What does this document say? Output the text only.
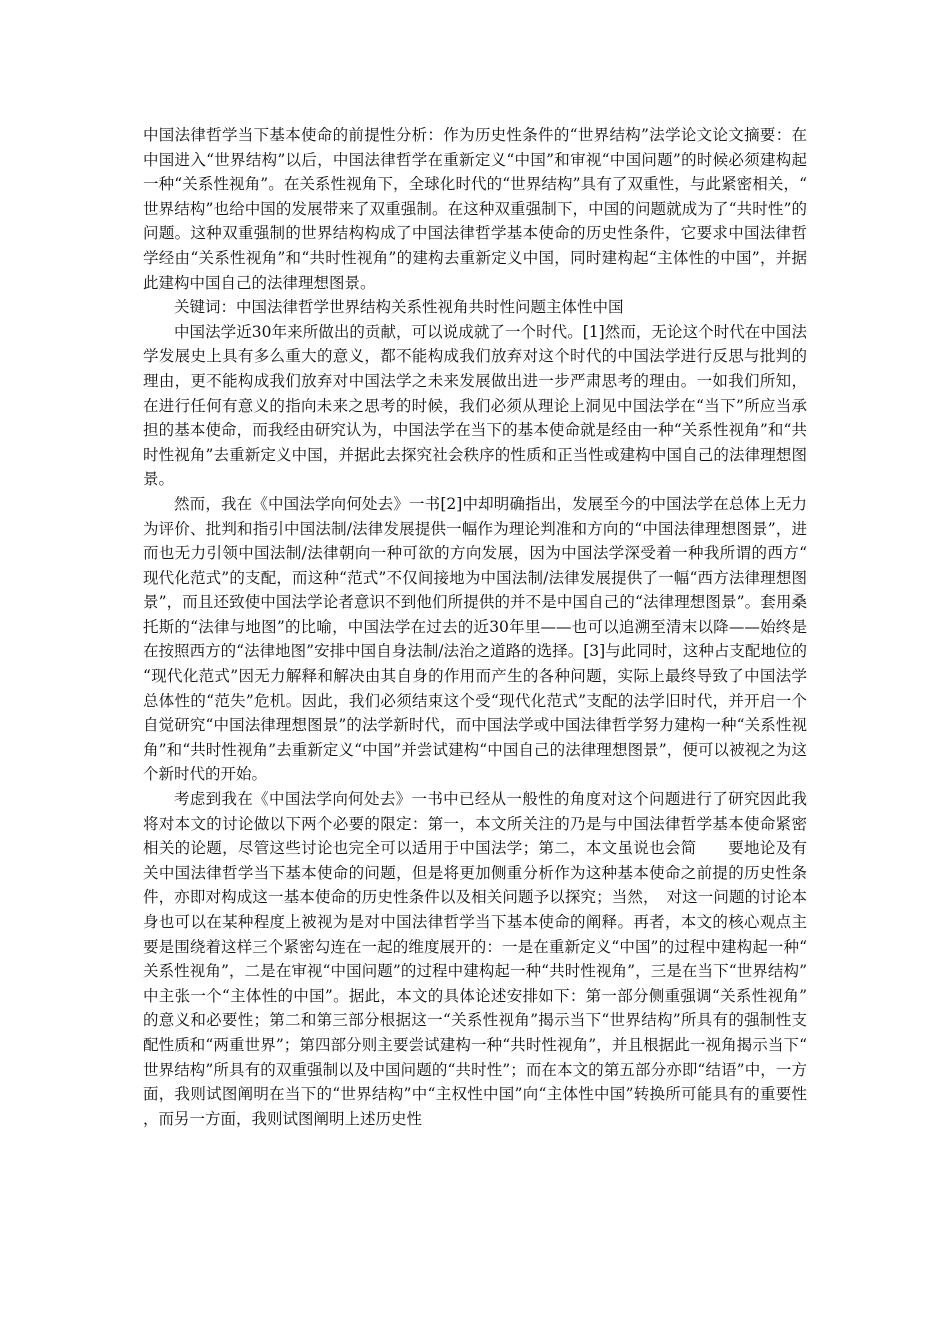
中国法律哲学当下基本使命的前提性分析：作为历史性条件的“世界结构”法学论文论文摘要：在中国进入“世界结构”以后，中国法律哲学在重新定义“中国”和审视“中国问题”的时候必须建构起一种“关系性视角”。在关系性视角下，全球化时代的“世界结构”具有了双重性，与此紧密相关，“世界结构”也给中国的发展带来了双重强制。在这种双重强制下，中国的问题就成为了“共时性”的问题。这种双重强制的世界结构构成了中国法律哲学基本使命的历史性条件，它要求中国法律哲学经由“关系性视角”和“共时性视角”的建构去重新定义中国，同时建构起“主体性的中国”，并据此建构中国自己的法律理想图景。

关键词：中国法律哲学世界结构关系性视角共时性问题主体性中国

中国法学近30年来所做出的贡献，可以说成就了一个时代。[1]然而，无论这个时代在中国法学发展史上具有多么重大的意义，都不能构成我们放弃对这个时代的中国法学进行反思与批判的理由，更不能构成我们放弃对中国法学之未来发展做出进一步严肃思考的理由。一如我们所知，在进行任何有意义的指向未来之思考的时候，我们必须从理论上洞见中国法学在“当下”所应当承担的基本使命，而我经由研究认为，中国法学在当下的基本使命就是经由一种“关系性视角”和“共时性视角”去重新定义中国，并据此去探究社会秩序的性质和正当性或建构中国自己的法律理想图景。

然而，我在《中国法学向何处去》一书[2]中却明确指出，发展至今的中国法学在总体上无力为评价、批判和指引中国法制/法律发展提供一幅作为理论判准和方向的“中国法律理想图景”，进而也无力引领中国法制/法律朝向一种可欲的方向发展，因为中国法学深受着一种我所谓的西方“现代化范式”的支配，而这种“范式”不仅间接地为中国法制/法律发展提供了一幅“西方法律理想图景”，而且还致使中国法学论者意识不到他们所提供的并不是中国自己的“法律理想图景”。套用桑托斯的“法律与地图”的比喻，中国法学在过去的近30年里——也可以追溯至清末以降——始终是在按照西方的“法律地图”安排中国自身法制/法治之道路的选择。[3]与此同时，这种占支配地位的“现代化范式”因无力解释和解决由其自身的作用而产生的各种问题，实际上最终导致了中国法学总体性的“范失”危机。因此，我们必须结束这个受“现代化范式”支配的法学旧时代，并开启一个自觉研究“中国法律理想图景”的法学新时代，而中国法学或中国法律哲学努力建构一种“关系性视角”和“共时性视角”去重新定义“中国”并尝试建构“中国自己的法律理想图景”，便可以被视之为这个新时代的开始。

考虑到我在《中国法学向何处去》一书中已经从一般性的角度对这个问题进行了研究因此我将对本文的讨论做以下两个必要的限定：第一，本文所关注的乃是与中国法律哲学基本使命紧密相关的论题，尽管这些讨论也完全可以适用于中国法学；第二，本文虽说也会简　　要地论及有关中国法律哲学当下基本使命的问题，但是将更加侧重分析作为这种基本使命之前提的历史性条件，亦即对构成这一基本使命的历史性条件以及相关问题予以探究；当然，　对这一问题的讨论本身也可以在某种程度上被视为是对中国法律哲学当下基本使命的阐释。再者，本文的核心观点主要是围绕着这样三个紧密勾连在一起的维度展开的：一是在重新定义“中国”的过程中建构起一种“关系性视角”，二是在审视“中国问题”的过程中建构起一种“共时性视角”，三是在当下“世界结构”中主张一个“主体性的中国”。据此，本文的具体论述安排如下：第一部分侧重强调“关系性视角”的意义和必要性；第二和第三部分根据这一“关系性视角”揭示当下“世界结构”所具有的强制性支配性质和“两重世界”；第四部分则主要尝试建构一种“共时性视角”，并且根据此一视角揭示当下“世界结构”所具有的双重强制以及中国问题的“共时性”；而在本文的第五部分亦即“结语”中，一方面，我则试图阐明在当下的“世界结构”中“主权性中国”向“主体性中国”转换所可能具有的重要性，而另一方面，我则试图阐明上述历史性
